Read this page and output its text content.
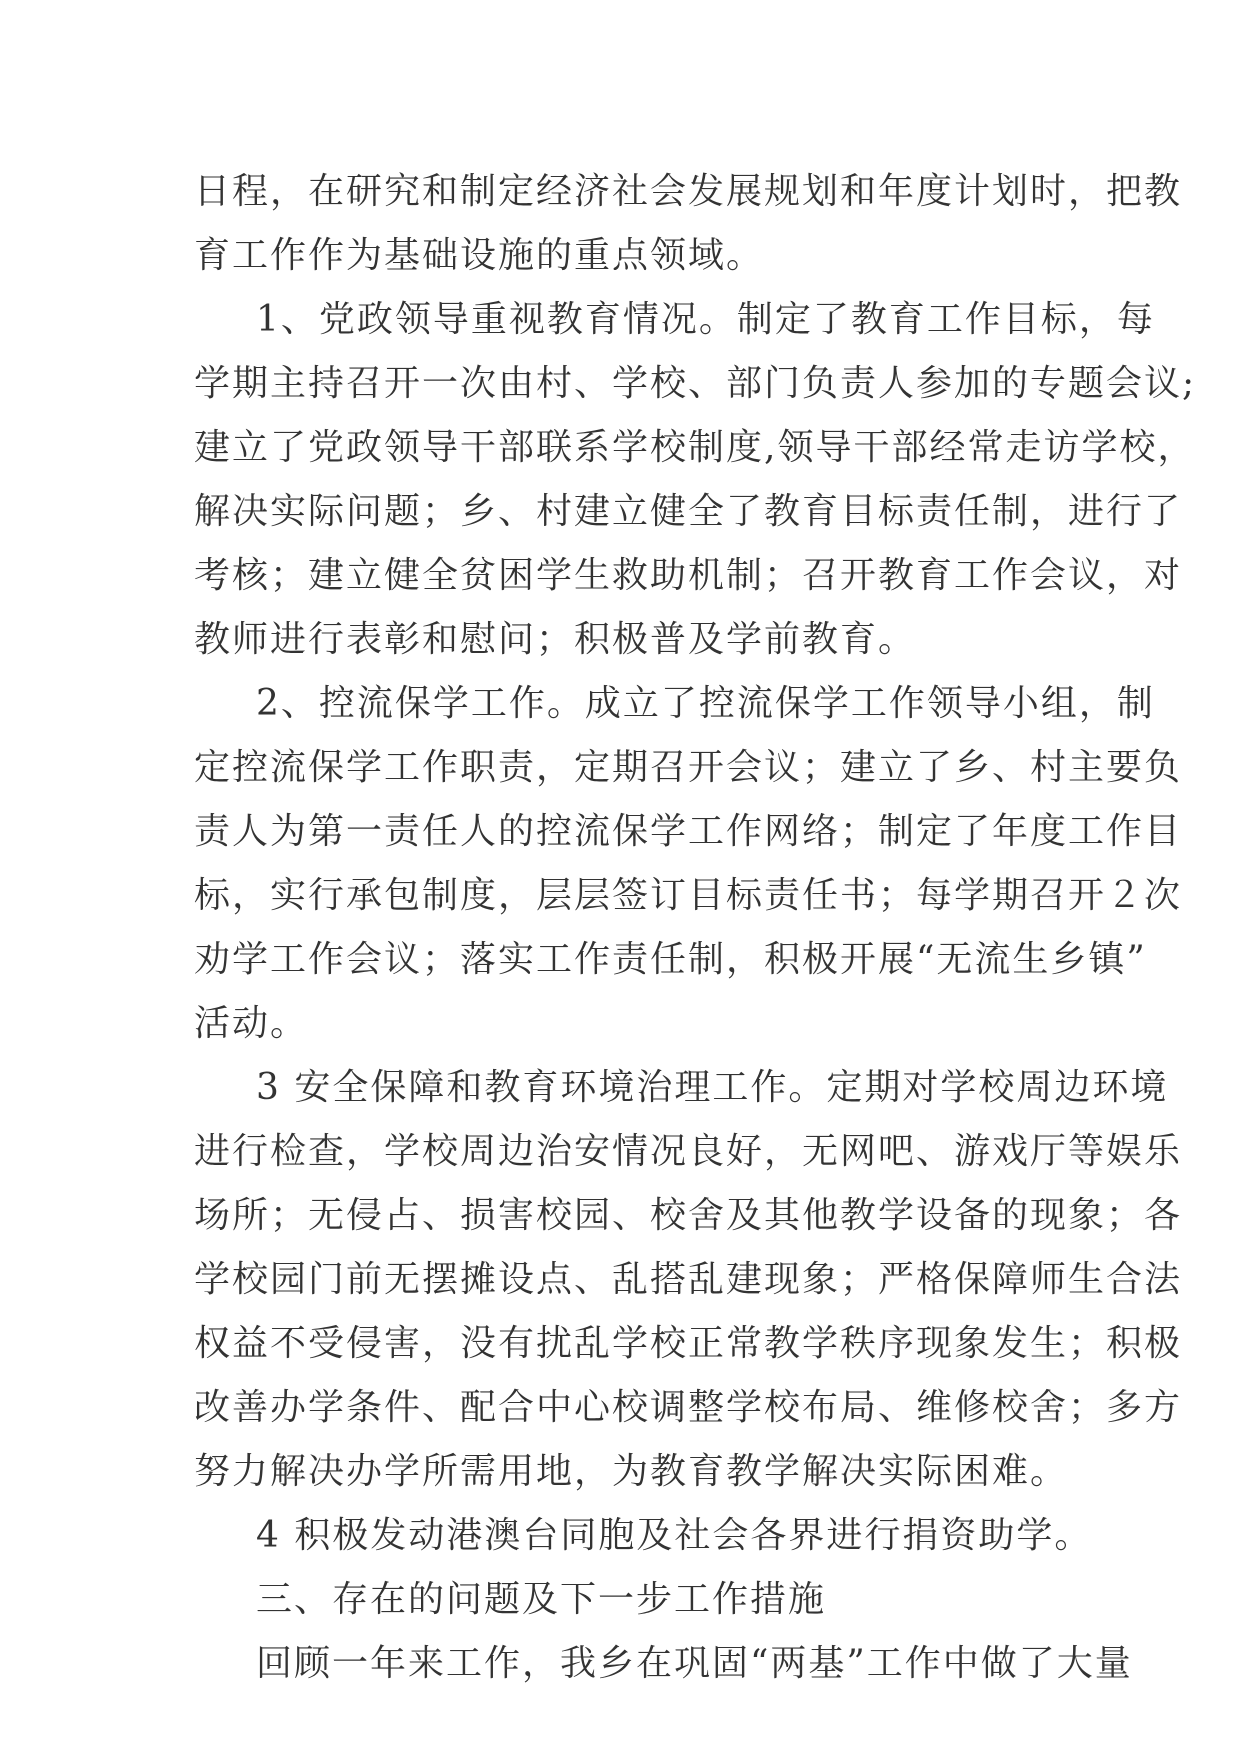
日程，在研究和制定经济社会发展规划和年度计划时，把教
育工作作为基础设施的重点领域。
1、党政领导重视教育情况。制定了教育工作目标，每
学期主持召开一次由村、学校、部门负责人参加的专题会议;
建立了党政领导干部联系学校制度,领导干部经常走访学校，
解决实际问题；乡、村建立健全了教育目标责任制，进行了
考核；建立健全贫困学生救助机制；召开教育工作会议，对
教师进行表彰和慰问；积极普及学前教育。
2、控流保学工作。成立了控流保学工作领导小组，制
定控流保学工作职责，定期召开会议；建立了乡、村主要负
责人为第一责任人的控流保学工作网络；制定了年度工作目
标，实行承包制度，层层签订目标责任书；每学期召开２次
劝学工作会议；落实工作责任制，积极开展“无流生乡镇”
活动。
3 安全保障和教育环境治理工作。定期对学校周边环境
进行检查，学校周边治安情况良好，无网吧、游戏厅等娱乐
场所；无侵占、损害校园、校舍及其他教学设备的现象；各
学校园门前无摆摊设点、乱搭乱建现象；严格保障师生合法
权益不受侵害，没有扰乱学校正常教学秩序现象发生；积极
改善办学条件、配合中心校调整学校布局、维修校舍；多方
努力解决办学所需用地，为教育教学解决实际困难。
4 积极发动港澳台同胞及社会各界进行捐资助学。
三、存在的问题及下一步工作措施
回顾一年来工作，我乡在巩固“两基”工作中做了大量
